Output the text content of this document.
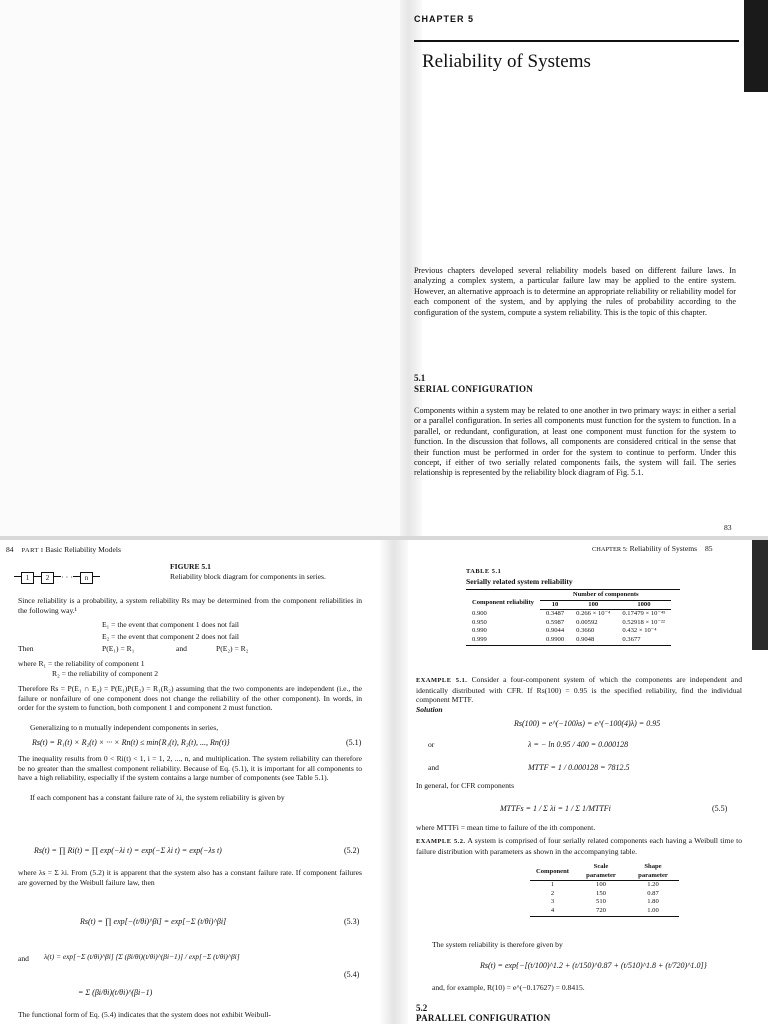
CHAPTER 5
Reliability of Systems
Previous chapters developed several reliability models based on different failure laws. In analyzing a complex system, a particular failure law may be applied to the entire system. However, an alternative approach is to determine an appropriate reliability or reliability model for each component of the system, and by applying the rules of probability according to the configuration of the system, compute a system reliability. This is the topic of this chapter.
5.1
SERIAL CONFIGURATION
Components within a system may be related to one another in two primary ways: in either a serial or a parallel configuration. In series all components must function for the system to function. In a parallel, or redundant, configuration, at least one component must function for the system to function. In the discussion that follows, all components are considered critical in the sense that their function must be performed in order for the system to continue to perform. Under this concept, if either of two serially related components fails, the system will fail. The series relationship is represented by the reliability block diagram of Fig. 5.1.
83
84 PART I Basic Reliability Models
1 2 · · · n
FIGURE 5.1
Reliability block diagram for components in series.
Since reliability is a probability, a system reliability Rs may be determined from the component reliabilities in the following way.¹
E₁ = the event that component 1 does not fail
E₂ = the event that component 2 does not fail
Then	P(E₁) = R₁	and	P(E₂) = R₂
where R₁ = the reliability of component 1
R₂ = the reliability of component 2
Therefore Rs = P(E₁ ∩ E₂) = P(E₁)P(E₂) = R₁(R₂) assuming that the two components are independent (i.e., the failure or nonfailure of one component does not change the reliability of the other component). In words, in order for the system to function, both component 1 and component 2 must function.
Generalizing to n mutually independent components in series,
Rs(t) = R₁(t) × R₂(t) × ··· × Rn(t) ≤ min{R₁(t), R₂(t), ..., Rn(t)}	(5.1)
The inequality results from 0 < Ri(t) < 1, i = 1, 2, ..., n, and multiplication. The system reliability can therefore be no greater than the smallest component reliability. Because of Eq. (5.1), it is important for all components to have a high reliability, especially if the system contains a large number of components (see Table 5.1).
If each component has a constant failure rate of λi, the system reliability is given by
Rs(t) = ∏ Ri(t) = ∏ exp(−λi t) = exp(−Σ λi t) = exp(−λs t)	(5.2)
where λs = Σ λi. From (5.2) it is apparent that the system also has a constant failure rate. If component failures are governed by the Weibull failure law, then
Rs(t) = ∏ exp[−(t/θi)^βi] = exp[−Σ (t/θi)^βi]	(5.3)
and λ(t) = exp[−Σ (t/θi)^βi] [Σ (βi/θi)(t/θi)^(βi−1)] / exp[−Σ (t/θi)^βi]
(5.4)
= Σ (βi/θi)(t/θi)^(βi−1)
The functional form of Eq. (5.4) indicates that the system does not exhibit Weibull-
CHAPTER 5: Reliability of Systems 85
TABLE 5.1
Serially related system reliability
Component reliability	Number of components		
	10	100	1000
0.900	0.3487	0.266 × 10⁻⁴	0.17479 × 10⁻⁴⁵
0.950	0.5987	0.00592	0.52918 × 10⁻²²
0.990	0.9044	0.3660	0.432 × 10⁻⁴
0.999	0.9900	0.9048	0.3677
EXAMPLE 5.1. Consider a four-component system of which the components are independent and identically distributed with CFR. If Rs(100) = 0.95 is the specified reliability, find the individual component MTTF.
Solution
Rs(100) = e^(−100λs) = e^(−100(4)λ) = 0.95
or	λ = − ln 0.95 / 400 = 0.000128
and	MTTF = 1 / 0.000128 = 7812.5
In general, for CFR components
MTTFs = 1 / Σ λi = 1 / Σ 1/MTTFi	(5.5)
where MTTFi = mean time to failure of the ith component.
EXAMPLE 5.2. A system is comprised of four serially related components each having a Weibull time to failure distribution with parameters as shown in the accompanying table.
Component	Scale parameter	Shape parameter
1	100	1.20
2	150	0.87
3	510	1.80
4	720	1.00
The system reliability is therefore given by
Rs(t) = exp{−[(t/100)^1.2 + (t/150)^0.87 + (t/510)^1.8 + (t/720)^1.0]}
and, for example, R(10) = e^(−0.17627) = 0.8415.
5.2
PARALLEL CONFIGURATION
